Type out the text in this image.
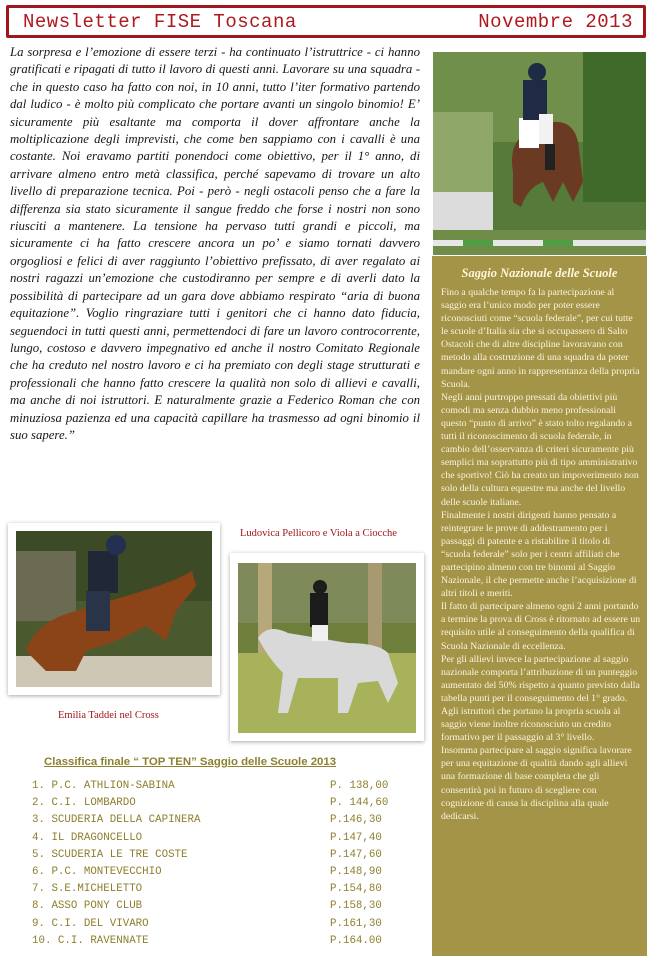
Newsletter FISE Toscana	Novembre 2013
La sorpresa e l’emozione di essere terzi - ha continuato l’istruttrice - ci hanno gratificati e ripagati di tutto il lavoro di questi anni. Lavorare su una squadra - che in questo caso ha fatto con noi, in 10 anni, tutto l’iter formativo partendo dal ludico - è molto più complicato che portare avanti un singolo binomio! E’ sicuramente più esaltante ma comporta il dover affrontare anche la moltiplicazione degli imprevisti, che come ben sappiamo con i cavalli è una costante. Noi eravamo partiti ponendoci come obiettivo, per il 1° anno, di arrivare almeno entro metà classifica, perché sapevamo di trovare un alto livello di preparazione tecnica. Poi - però - negli ostacoli penso che a fare la differenza sia stato sicuramente il sangue freddo che forse i nostri non sono riusciti a mantenere. La tensione ha pervaso tutti grandi e piccoli, ma sicuramente ci ha fatto crescere ancora un po’ e siamo tornati davvero orgogliosi e felici di aver raggiunto l’obiettivo prefissato, di aver regalato ai nostri ragazzi un’emozione che custodiranno per sempre e di averli dato la possibilità di partecipare ad un gara dove abbiamo respirato “aria di buona equitazione”. Voglio ringraziare tutti i genitori che ci hanno dato fiducia, seguendoci in tutti questi anni, permettendoci di fare un lavoro controcorrente, lungo, costoso e davvero impegnativo ed anche il nostro Comitato Regionale che ha creduto nel nostro lavoro e ci ha premiato con degli stage strutturati e professionali che hanno fatto crescere la qualità non solo di allievi e cavalli, ma anche di noi istruttori. E naturalmente grazie a Federico Roman che con minuziosa pazienza ed una capacità capillare ha trasmesso ad ogni binomio il suo sapere.”
Emilia Taddei nel Cross
Ludovica Pellicoro e Viola a Ciocche
Saggio Nazionale delle Scuole

Fino a qualche tempo fa la partecipazione al saggio era l’unico modo per poter essere riconosciuti come “scuola federale”, per cui tutte le scuole d’Italia sia che si occupassero di Salto Ostacoli che di altre discipline lavoravano con metodo alla costruzione di una squadra da poter mandare ogni anno in rappresentanza della propria Scuola.

Negli anni purtroppo pressati da obiettivi più comodi ma senza dubbio meno professionali questo “punto di arrivo” è stato tolto regalando a tutti il riconoscimento di scuola federale, in cambio dell’osservanza di criteri sicuramente più semplici ma soprattutto più di tipo amministrativo che sportivo! Ciò ha creato un impoverimento non solo della cultura equestre ma anche del livello delle scuole italiane.

Finalmente i nostri dirigenti hanno pensato a reintegrare le prove di addestramento per i passaggi di patente e a ristabilire il titolo di “scuola federale” solo per i centri affiliati che partecipino almeno con tre binomi al Saggio Nazionale, il che permette anche l’acquisizione di altri titoli e meriti.

Il fatto di partecipare almeno ogni 2 anni portando a termine la prova di Cross è ritornato ad essere un requisito utile al conseguimento della qualifica di Scuola Nazionale di eccellenza.

Per gli allievi invece la partecipazione al saggio nazionale comporta l’attribuzione di un punteggio aumentato del 50% rispetto a quanto previsto dalla tabella punti per il conseguimento del 1° grado.

Agli istruttori che portano la propria scuola al saggio viene inoltre riconosciuto un credito formativo per il passaggio al 3° livello.

Insomma partecipare al saggio significa lavorare per una equitazione di qualità dando agli allievi una formazione di base completa che gli consentirà poi in futuro di scegliere con cognizione di causa la disciplina alla quale dedicarsi.

Classifica finale “ TOP TEN” Saggio delle Scuole 2013
1. P.C. ATHLION-SABINA	P. 138,00
2. C.I. LOMBARDO	P. 144,60
3. SCUDERIA DELLA CAPINERA	P.146,30
4. IL DRAGONCELLO	P.147,40
5. SCUDERIA LE TRE COSTE	P.147,60
6. P.C. MONTEVECCHIO	P.148,90
7. S.E.MICHELETTO	P.154,80
8. ASSO PONY CLUB	P.158,30
9. C.I. DEL VIVARO	P.161,30
10. C.I. RAVENNATE	P.164.00
